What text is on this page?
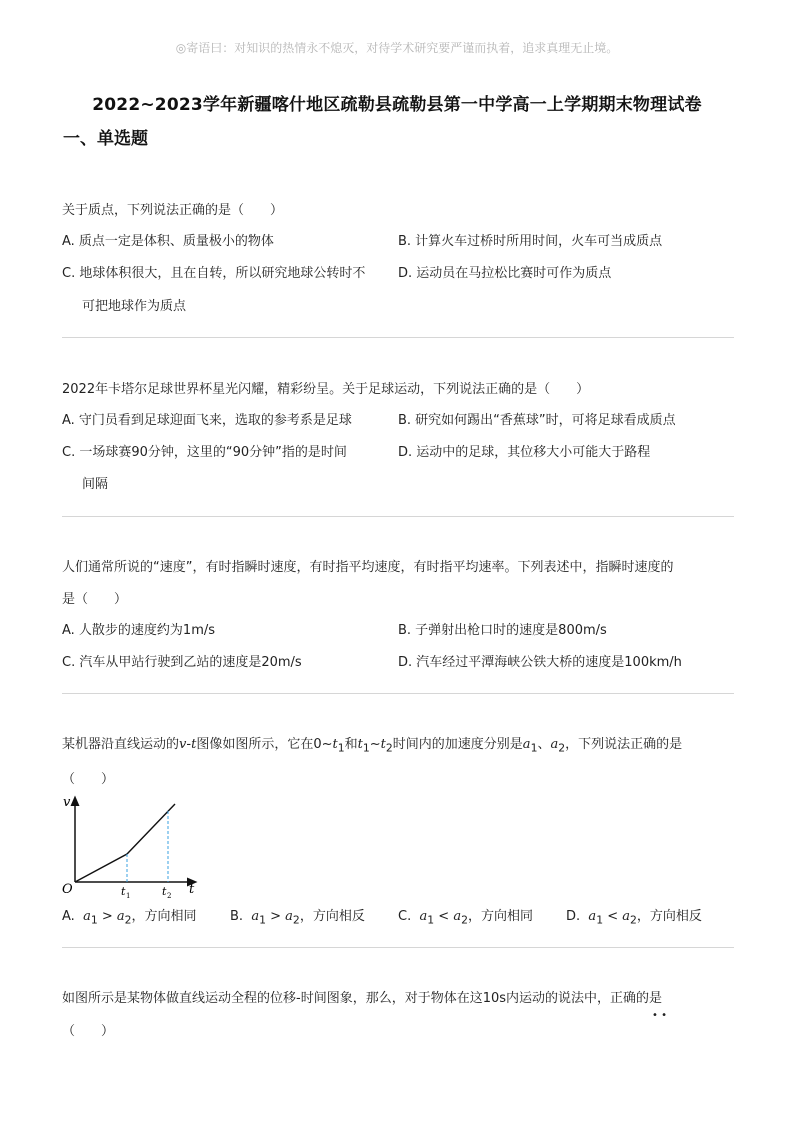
◎寄语曰：对知识的热情永不熄灭，对待学术研究要严谨而执着，追求真理无止境。
2022~2023学年新疆喀什地区疏勒县疏勒县第一中学高一上学期期末物理试卷
一、单选题

关于质点，下列说法正确的是（　　）

A. 质点一定是体积、质量极小的物体	B. 计算火车过桥时所用时间，火车可当成质点
C. 地球体积很大，且在自转，所以研究地球公转时不	D. 运动员在马拉松比赛时可作为质点
可把地球作为质点

2022年卡塔尔足球世界杯星光闪耀，精彩纷呈。关于足球运动，下列说法正确的是（　　）

A. 守门员看到足球迎面飞来，选取的参考系是足球	B. 研究如何踢出“香蕉球”时，可将足球看成质点
C. 一场球赛90分钟，这里的“90分钟”指的是时间	D. 运动中的足球，其位移大小可能大于路程
间隔

人们通常所说的“速度”，有时指瞬时速度，有时指平均速度，有时指平均速率。下列表述中，指瞬时速度的

是（　　）

A. 人散步的速度约为1m/s	B. 子弹射出枪口时的速度是800m/s
C. 汽车从甲站行驶到乙站的速度是20m/s	D. 汽车经过平潭海峡公铁大桥的速度是100km/h

某机器沿直线运动的v-t图像如图所示，它在$0\sim t_1$和$t_1\sim t_2$时间内的加速度分别是$a_1$、$a_2$，下列说法正确的是

（　　）

v
O	t
t 1	t 2
A. $a_1 > a_2$，方向相同	B. $a_1 > a_2$，方向相反	C. $a_1 < a_2$，方向相同	D. $a_1 < a_2$，方向相反
• •

如图所示是某物体做直线运动全程的位移-时间图象，那么，对于物体在这10s内运动的说法中，正确的是

（　　）
